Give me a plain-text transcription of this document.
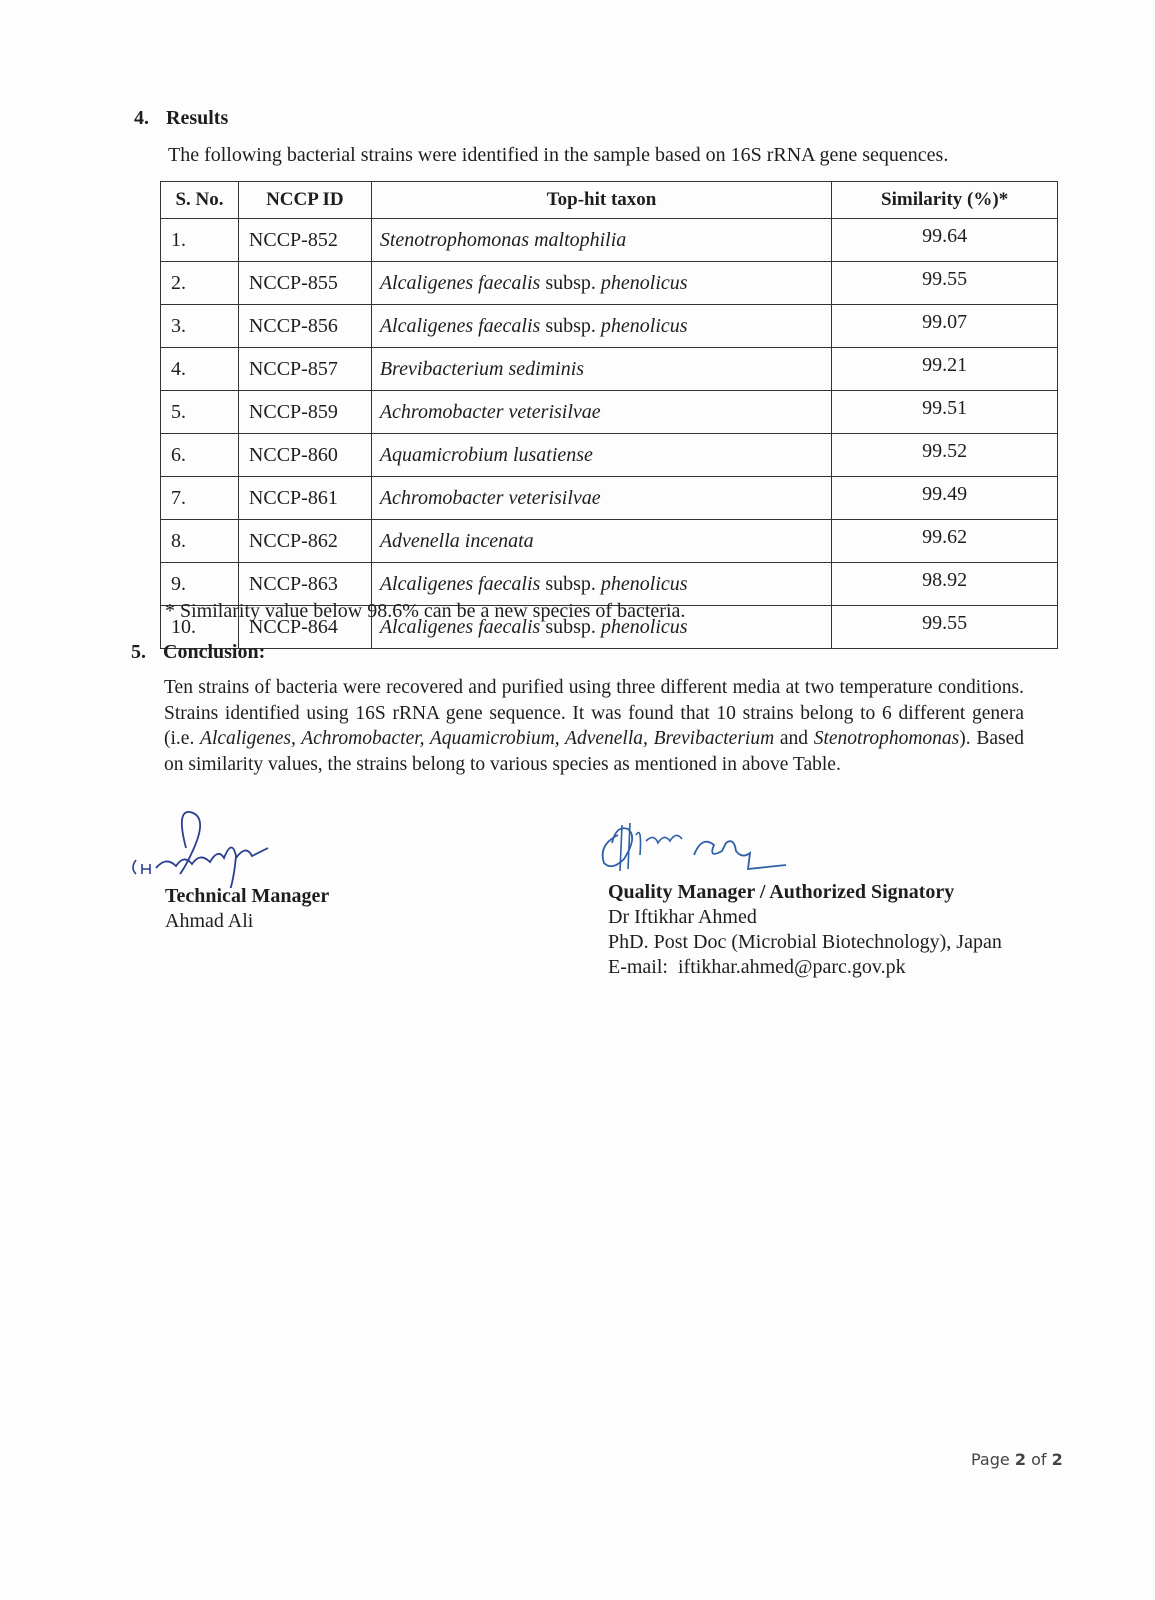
4. Results
The following bacterial strains were identified in the sample based on 16S rRNA gene sequences.
S. No.	NCCP ID	Top-hit taxon	Similarity (%)*
1.	NCCP-852	Stenotrophomonas maltophilia	99.64
2.	NCCP-855	Alcaligenes faecalis subsp. phenolicus	99.55
3.	NCCP-856	Alcaligenes faecalis subsp. phenolicus	99.07
4.	NCCP-857	Brevibacterium sediminis	99.21
5.	NCCP-859	Achromobacter veterisilvae	99.51
6.	NCCP-860	Aquamicrobium lusatiense	99.52
7.	NCCP-861	Achromobacter veterisilvae	99.49
8.	NCCP-862	Advenella incenata	99.62
9.	NCCP-863	Alcaligenes faecalis subsp. phenolicus	98.92
10.	NCCP-864	Alcaligenes faecalis subsp. phenolicus	99.55
* Similarity value below 98.6% can be a new species of bacteria.
5. Conclusion:
Ten strains of bacteria were recovered and purified using three different media at two temperature conditions. Strains identified using 16S rRNA gene sequence. It was found that 10 strains belong to 6 different genera (i.e. Alcaligenes, Achromobacter, Aquamicrobium, Advenella, Brevibacterium and Stenotrophomonas). Based on similarity values, the strains belong to various species as mentioned in above Table.
Technical Manager
Ahmad Ali
Quality Manager / Authorized Signatory
Dr Iftikhar Ahmed
PhD. Post Doc (Microbial Biotechnology), Japan
E-mail: iftikhar.ahmed@parc.gov.pk
Page 2 of 2
